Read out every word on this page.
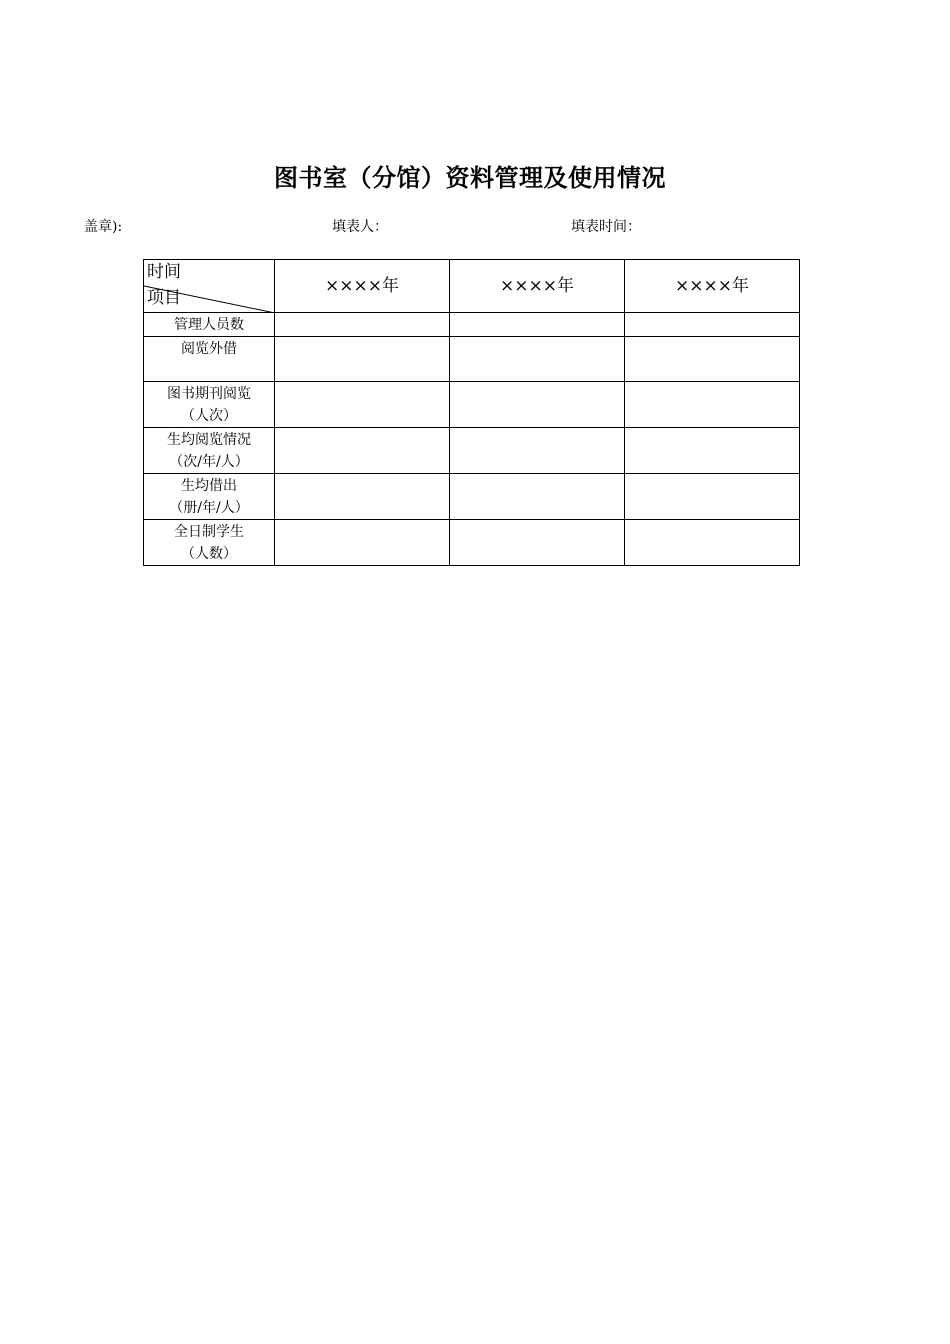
图书室（分馆）资料管理及使用情况
盖章):	填表人：	填表时间：
时间
项目	××××年	××××年	××××年

管理人员数			

阅览外借			

图书期刊阅览
（人次）			

生均阅览情况
（次/年/人）			

生均借出
（册/年/人）			

全日制学生
（人数）			
